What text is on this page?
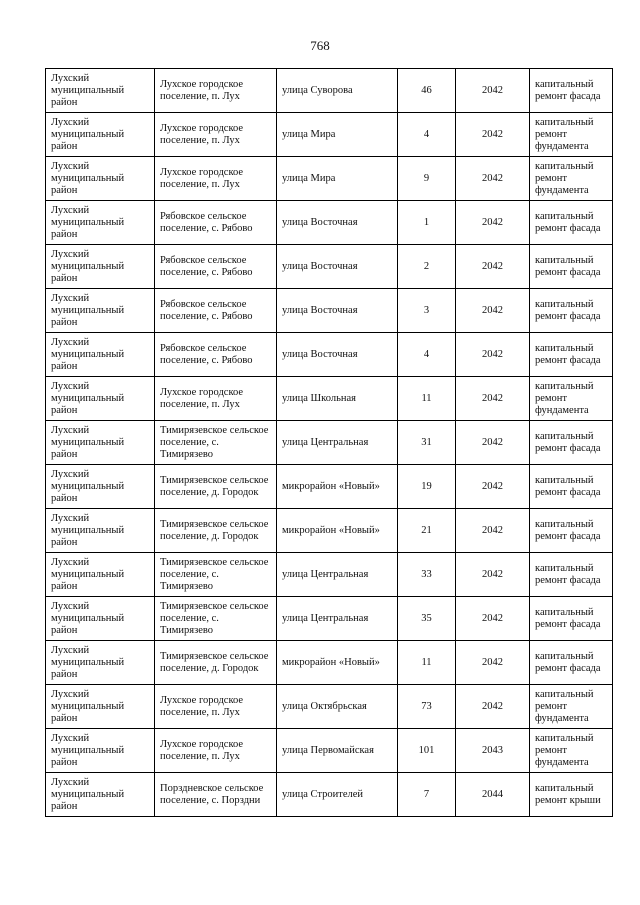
768
Лухский муниципальный район	Лухское городское поселение, п. Лух	улица Суворова	46	2042	капитальный ремонт фасада
Лухский муниципальный район	Лухское городское поселение, п. Лух	улица Мира	4	2042	капитальный ремонт фундамента
Лухский муниципальный район	Лухское городское поселение, п. Лух	улица Мира	9	2042	капитальный ремонт фундамента
Лухский муниципальный район	Рябовское сельское поселение, с. Рябово	улица Восточная	1	2042	капитальный ремонт фасада
Лухский муниципальный район	Рябовское сельское поселение, с. Рябово	улица Восточная	2	2042	капитальный ремонт фасада
Лухский муниципальный район	Рябовское сельское поселение, с. Рябово	улица Восточная	3	2042	капитальный ремонт фасада
Лухский муниципальный район	Рябовское сельское поселение, с. Рябово	улица Восточная	4	2042	капитальный ремонт фасада
Лухский муниципальный район	Лухское городское поселение, п. Лух	улица Школьная	11	2042	капитальный ремонт фундамента
Лухский муниципальный район	Тимирязевское сельское поселение, с. Тимирязево	улица Центральная	31	2042	капитальный ремонт фасада
Лухский муниципальный район	Тимирязевское сельское поселение, д. Городок	микрорайон «Новый»	19	2042	капитальный ремонт фасада
Лухский муниципальный район	Тимирязевское сельское поселение, д. Городок	микрорайон «Новый»	21	2042	капитальный ремонт фасада
Лухский муниципальный район	Тимирязевское сельское поселение, с. Тимирязево	улица Центральная	33	2042	капитальный ремонт фасада
Лухский муниципальный район	Тимирязевское сельское поселение, с. Тимирязево	улица Центральная	35	2042	капитальный ремонт фасада
Лухский муниципальный район	Тимирязевское сельское поселение, д. Городок	микрорайон «Новый»	11	2042	капитальный ремонт фасада
Лухский муниципальный район	Лухское городское поселение, п. Лух	улица Октябрьская	73	2042	капитальный ремонт фундамента
Лухский муниципальный район	Лухское городское поселение, п. Лух	улица Первомайская	101	2043	капитальный ремонт фундамента
Лухский муниципальный район	Порздневское сельское поселение, с. Порздни	улица Строителей	7	2044	капитальный ремонт крыши
